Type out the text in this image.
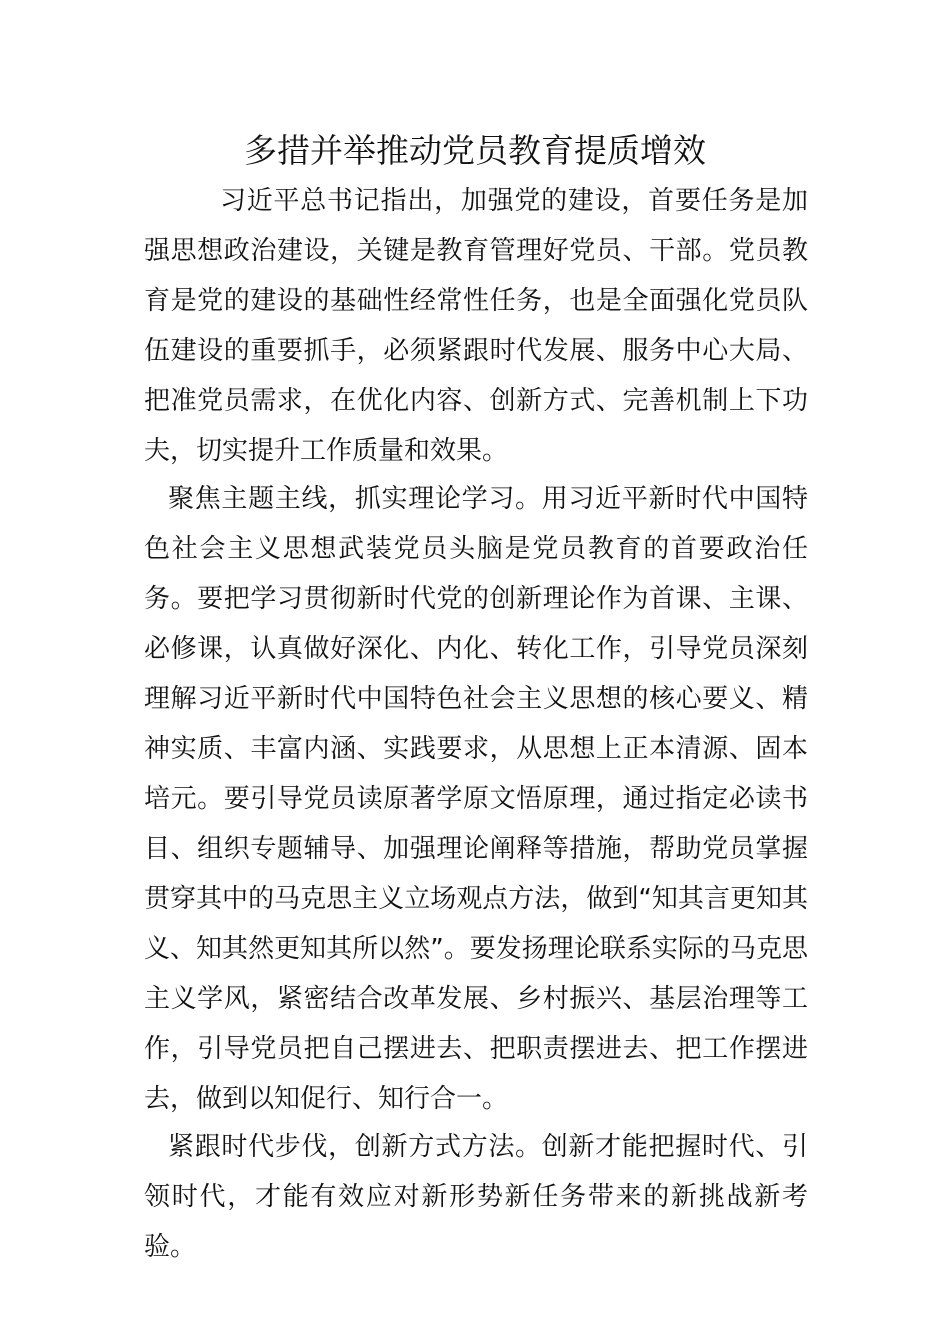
多措并举推动党员教育提质增效

习近平总书记指出，加强党的建设，首要任务是加强思想政治建设，关键是教育管理好党员、干部。党员教育是党的建设的基础性经常性任务，也是全面强化党员队伍建设的重要抓手，必须紧跟时代发展、服务中心大局、把准党员需求，在优化内容、创新方式、完善机制上下功夫，切实提升工作质量和效果。

聚焦主题主线，抓实理论学习。用习近平新时代中国特色社会主义思想武装党员头脑是党员教育的首要政治任务。要把学习贯彻新时代党的创新理论作为首课、主课、必修课，认真做好深化、内化、转化工作，引导党员深刻理解习近平新时代中国特色社会主义思想的核心要义、精神实质、丰富内涵、实践要求，从思想上正本清源、固本培元。要引导党员读原著学原文悟原理，通过指定必读书目、组织专题辅导、加强理论阐释等措施，帮助党员掌握贯穿其中的马克思主义立场观点方法，做到“知其言更知其义、知其然更知其所以然”。要发扬理论联系实际的马克思主义学风，紧密结合改革发展、乡村振兴、基层治理等工作，引导党员把自己摆进去、把职责摆进去、把工作摆进去，做到以知促行、知行合一。

紧跟时代步伐，创新方式方法。创新才能把握时代、引领时代，才能有效应对新形势新任务带来的新挑战新考验。
